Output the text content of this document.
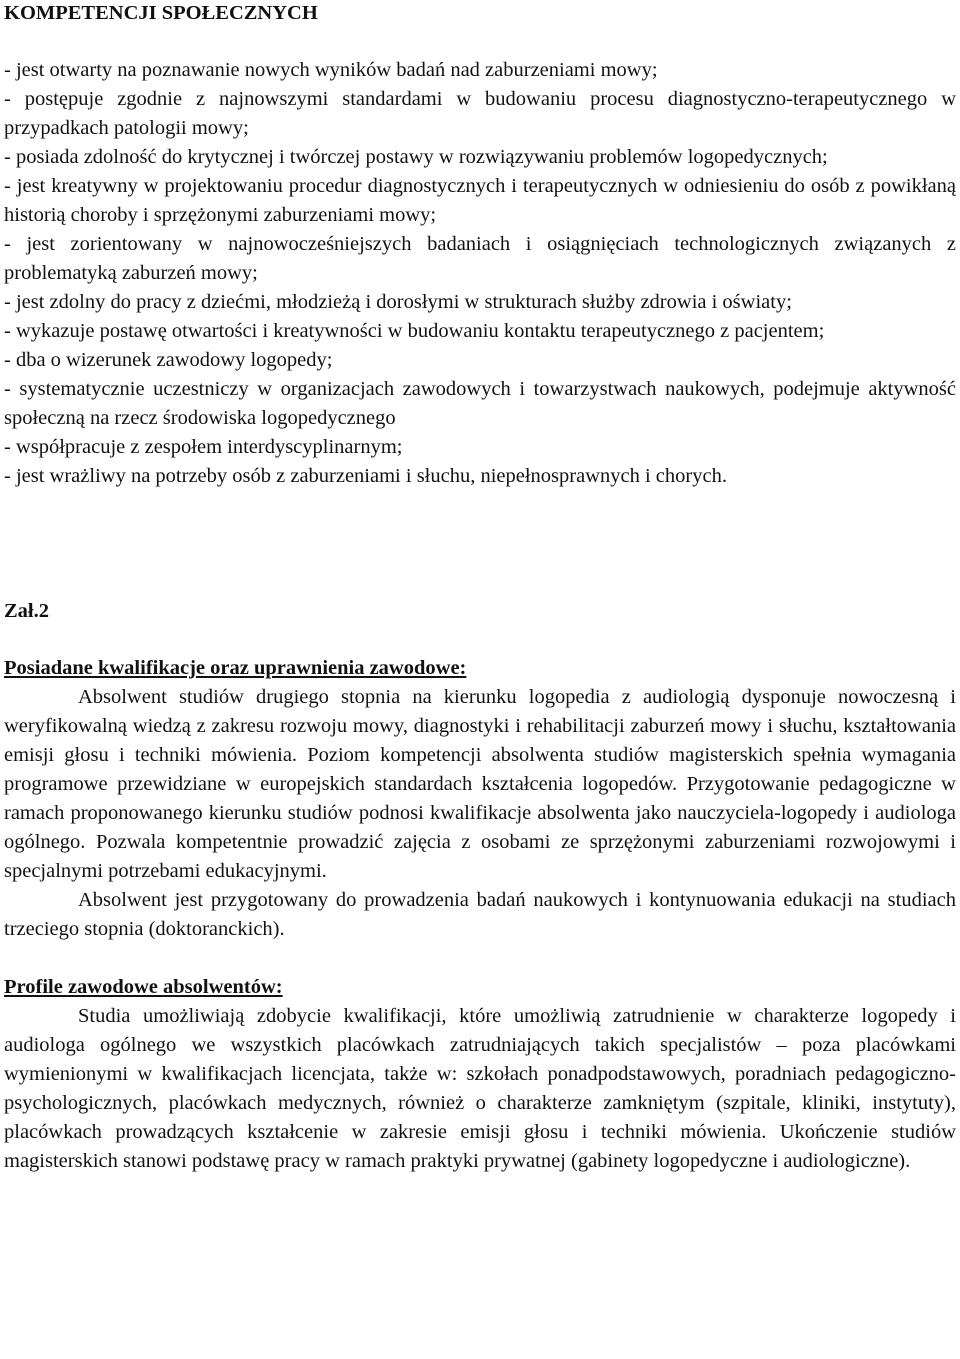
KOMPETENCJI SPOŁECZNYCH
- jest otwarty na poznawanie nowych wyników badań nad zaburzeniami mowy;
- postępuje zgodnie z najnowszymi standardami w budowaniu procesu diagnostyczno-terapeutycznego w przypadkach patologii mowy;
- posiada zdolność do krytycznej i twórczej postawy w rozwiązywaniu problemów logopedycznych;
- jest kreatywny w projektowaniu procedur diagnostycznych i terapeutycznych w odniesieniu do osób z powikłaną historią choroby i sprzężonymi zaburzeniami mowy;
- jest zorientowany w najnowocześniejszych badaniach i osiągnięciach technologicznych związanych z problematyką zaburzeń mowy;
- jest zdolny do pracy z dziećmi, młodzieżą i dorosłymi w strukturach służby zdrowia i oświaty;
- wykazuje postawę otwartości i kreatywności w budowaniu kontaktu terapeutycznego z pacjentem;
- dba o wizerunek zawodowy logopedy;
- systematycznie uczestniczy w organizacjach zawodowych i towarzystwach naukowych, podejmuje aktywność społeczną na rzecz środowiska logopedycznego
- współpracuje z zespołem interdyscyplinarnym;
- jest wrażliwy na potrzeby osób z zaburzeniami i słuchu, niepełnosprawnych i chorych.
Zał.2
Posiadane kwalifikacje oraz uprawnienia zawodowe:

Absolwent studiów drugiego stopnia na kierunku logopedia z audiologią dysponuje nowoczesną i weryfikowalną wiedzą z zakresu rozwoju mowy, diagnostyki i rehabilitacji zaburzeń mowy i słuchu, kształtowania emisji głosu i techniki mówienia. Poziom kompetencji absolwenta studiów magisterskich spełnia wymagania programowe przewidziane w europejskich standardach kształcenia logopedów. Przygotowanie pedagogiczne w ramach proponowanego kierunku studiów podnosi kwalifikacje absolwenta jako nauczyciela-logopedy i audiologa ogólnego. Pozwala kompetentnie prowadzić zajęcia z osobami ze sprzężonymi zaburzeniami rozwojowymi i specjalnymi potrzebami edukacyjnymi.

Absolwent jest przygotowany do prowadzenia badań naukowych i kontynuowania edukacji na studiach trzeciego stopnia (doktoranckich).

Profile zawodowe absolwentów:

Studia umożliwiają zdobycie kwalifikacji, które umożliwią zatrudnienie w charakterze logopedy i audiologa ogólnego we wszystkich placówkach zatrudniających takich specjalistów – poza placówkami wymienionymi w kwalifikacjach licencjata, także w: szkołach ponadpodstawowych, poradniach pedagogiczno-psychologicznych, placówkach medycznych, również o charakterze zamkniętym (szpitale, kliniki, instytuty), placówkach prowadzących kształcenie w zakresie emisji głosu i techniki mówienia. Ukończenie studiów magisterskich stanowi podstawę pracy w ramach praktyki prywatnej (gabinety logopedyczne i audiologiczne).
